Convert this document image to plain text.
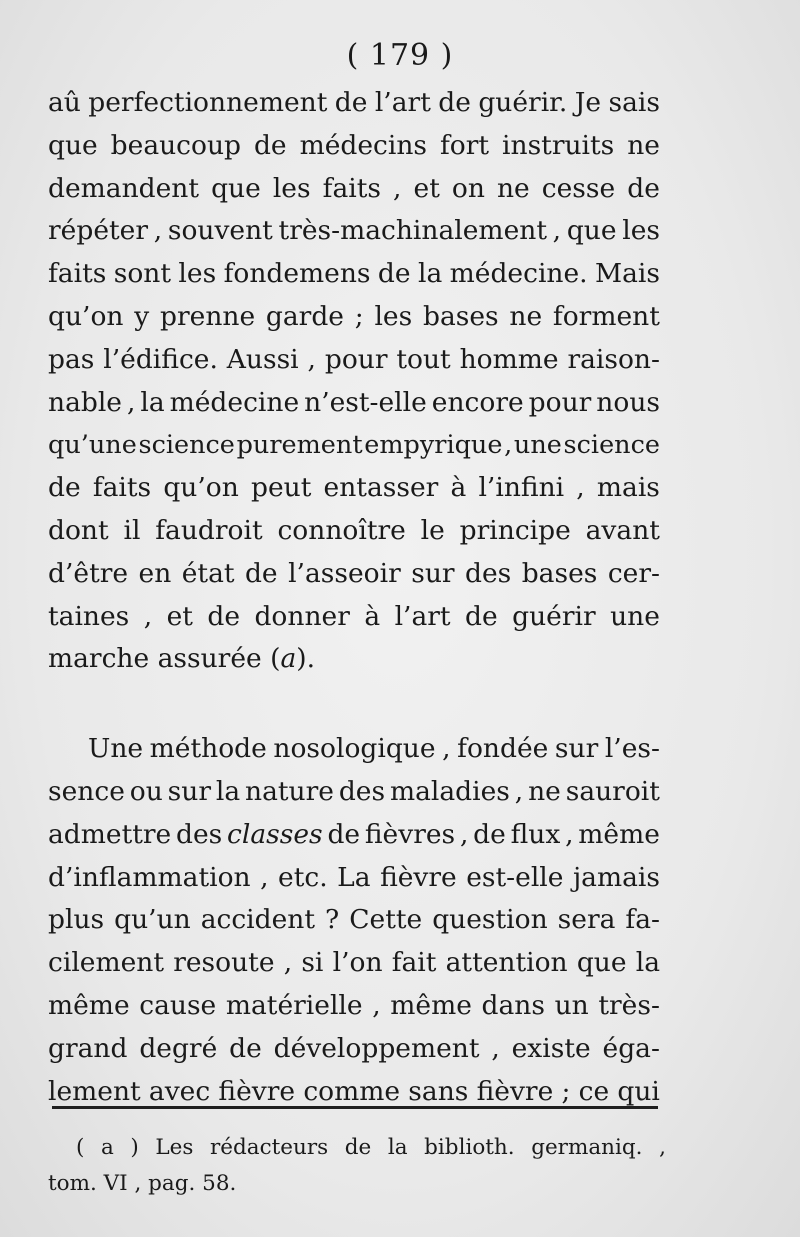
( 179 )
aû perfectionnement de l’art de guérir. Je sais
que beaucoup de médecins fort instruits ne
demandent que les faits , et on ne cesse de
répéter , souvent très-machinalement , que les
faits sont les fondemens de la médecine. Mais
qu’on y prenne garde ; les bases ne forment
pas l’édifice. Aussi , pour tout homme raison-
nable , la médecine n’est-elle encore pour nous
qu’une science purement empyrique , une science
de faits qu’on peut entasser à l’infini , mais
dont il faudroit connoître le principe avant
d’être en état de l’asseoir sur des bases cer-
taines , et de donner à l’art de guérir une
marche assurée ( a ).
Une méthode nosologique , fondée sur l’es-
sence ou sur la nature des maladies , ne sauroit
admettre des classes de fièvres , de flux , même
d’inflammation , etc. La fièvre est-elle jamais
plus qu’un accident ? Cette question sera fa-
cilement resoute , si l’on fait attention que la
même cause matérielle , même dans un très-
grand degré de développement , existe éga-
lement avec fièvre comme sans fièvre ; ce qui
( a ) Les rédacteurs de la biblioth. germaniq. ,
tom. VI , pag. 58.
